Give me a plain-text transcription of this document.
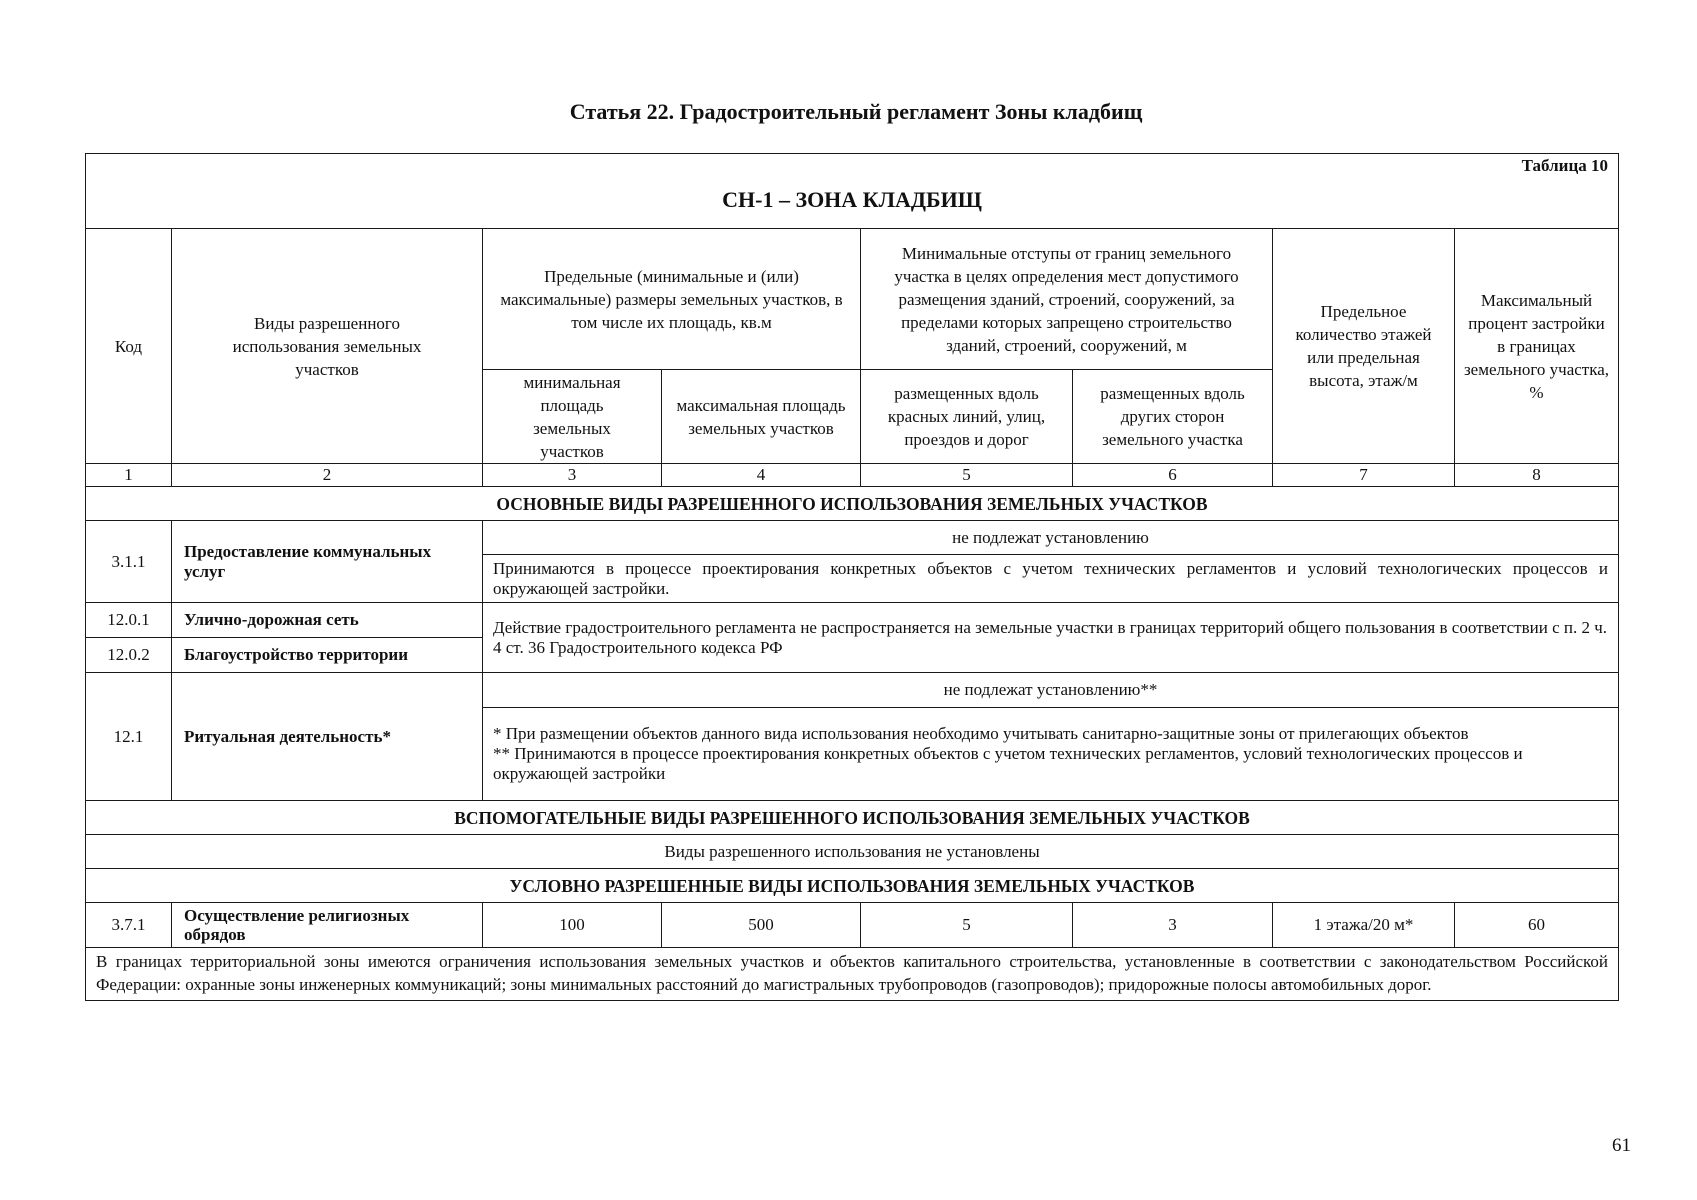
Статья 22. Градостроительный регламент Зоны кладбищ
Таблица 10
СН-1 – ЗОНА КЛАДБИЩ							

Код	Виды разрешенного использования земельных участков	Предельные (минимальные и (или) максимальные) размеры земельных участков, в том числе их площадь, кв.м		Минимальные отступы от границ земельного участка в целях определения мест допустимого размещения зданий, строений, сооружений, за пределами которых запрещено строительство зданий, строений, сооружений, м		Предельное количество этажей или предельная высота, этаж/м	Максимальный процент застройки в границах земельного участка, %
		минимальная площадь земельных участков	максимальная площадь земельных участков	размещенных вдоль красных линий, улиц, проездов и дорог	размещенных вдоль других сторон земельного участка		
1	2	3	4	5	6	7	8
ОСНОВНЫЕ ВИДЫ РАЗРЕШЕННОГО ИСПОЛЬЗОВАНИЯ ЗЕМЕЛЬНЫХ УЧАСТКОВ							
3.1.1	Предоставление коммунальных услуг	не подлежат установлению					
		Принимаются в процессе проектирования конкретных объектов с учетом технических регламентов и условий технологических процессов и окружающей застройки.					
12.0.1	Улично-дорожная сеть	Действие градостроительного регламента не распространяется на земельные участки в границах территорий общего пользования в соответствии с п. 2 ч. 4 ст. 36 Градостроительного кодекса РФ					
12.0.2	Благоустройство территории						
12.1	Ритуальная деятельность*	не подлежат установлению**					

		* При размещении объектов данного вида использования необходимо учитывать санитарно-защитные зоны от прилегающих объектов
** Принимаются в процессе проектирования конкретных объектов с учетом технических регламентов, условий технологических процессов и окружающей застройки					

ВСПОМОГАТЕЛЬНЫЕ ВИДЫ РАЗРЕШЕННОГО ИСПОЛЬЗОВАНИЯ ЗЕМЕЛЬНЫХ УЧАСТКОВ							
Виды разрешенного использования не установлены							
УСЛОВНО РАЗРЕШЕННЫЕ ВИДЫ ИСПОЛЬЗОВАНИЯ ЗЕМЕЛЬНЫХ УЧАСТКОВ							
3.7.1	Осуществление религиозных обрядов	100	500	5	3	1 этажа/20 м*	60
В границах территориальной зоны имеются ограничения использования земельных участков и объектов капитального строительства, установленные в соответствии с законодательством Российской Федерации: охранные зоны инженерных коммуникаций; зоны минимальных расстояний до магистральных трубопроводов (газопроводов); придорожные полосы автомобильных дорог.							
61
